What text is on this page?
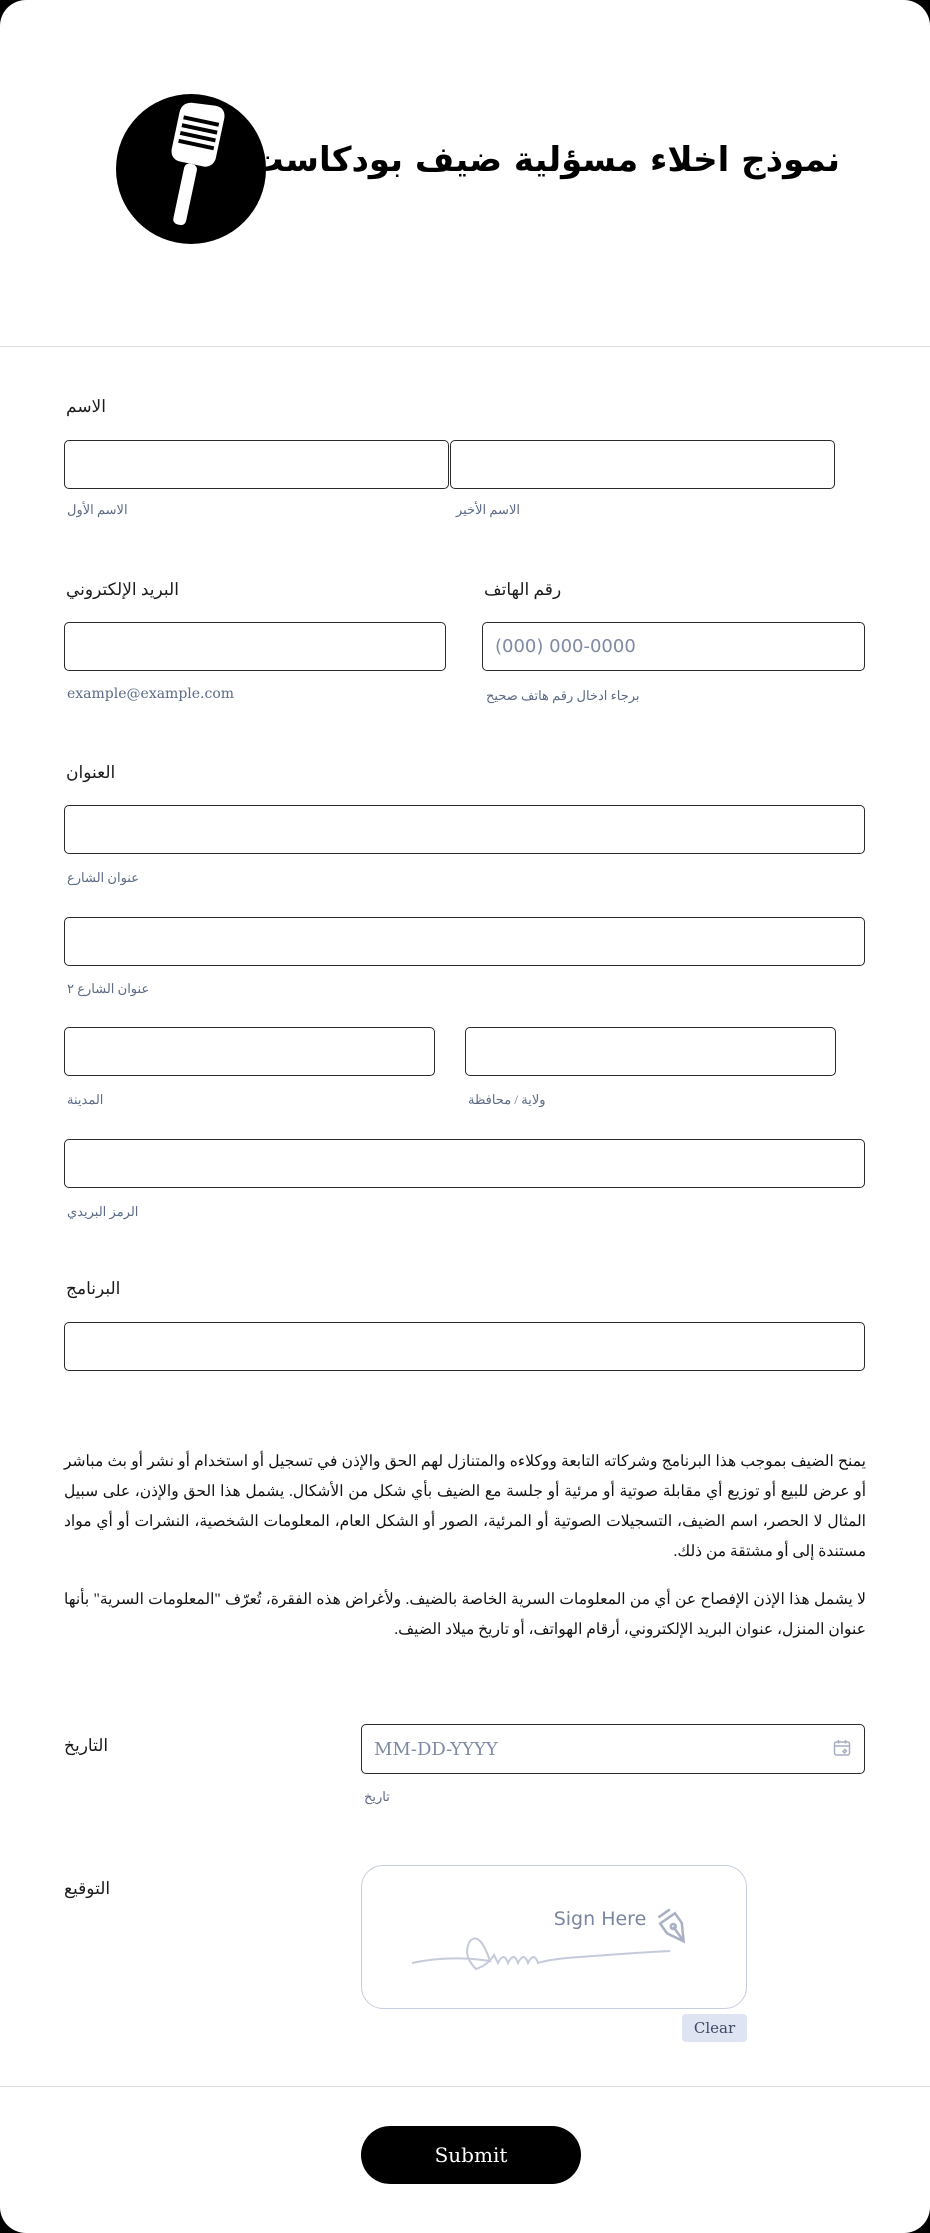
نموذج اخلاء مسؤلية ضيف بودكاست
الاسم
الاسم الأول	الاسم الأخير
البريد الإلكتروني	رقم الهاتف
(000) 000-0000
example@example.com	برجاء ادخال رقم هاتف صحيح
العنوان
عنوان الشارع
عنوان الشارع ٢
المدينة	ولاية / محافظة
الرمز البريدي
البرنامج

يمنح الضيف بموجب هذا البرنامج وشركاته التابعة ووكلاءه والمتنازل لهم الحق والإذن في تسجيل أو استخدام أو نشر أو بث مباشر أو عرض للبيع أو توزيع أي مقابلة صوتية أو مرئية أو جلسة مع الضيف بأي شكل من الأشكال. يشمل هذا الحق والإذن، على سبيل المثال لا الحصر، اسم الضيف، التسجيلات الصوتية أو المرئية، الصور أو الشكل العام، المعلومات الشخصية، النشرات أو أي مواد مستندة إلى أو مشتقة من ذلك.

لا يشمل هذا الإذن الإفصاح عن أي من المعلومات السرية الخاصة بالضيف. ولأغراض هذه الفقرة، تُعرّف "المعلومات السرية" بأنها عنوان المنزل، عنوان البريد الإلكتروني، أرقام الهواتف، أو تاريخ ميلاد الضيف.

التاريخ
MM-DD-YYYY
تاريخ
التوقيع
Sign Here
Clear
Submit
